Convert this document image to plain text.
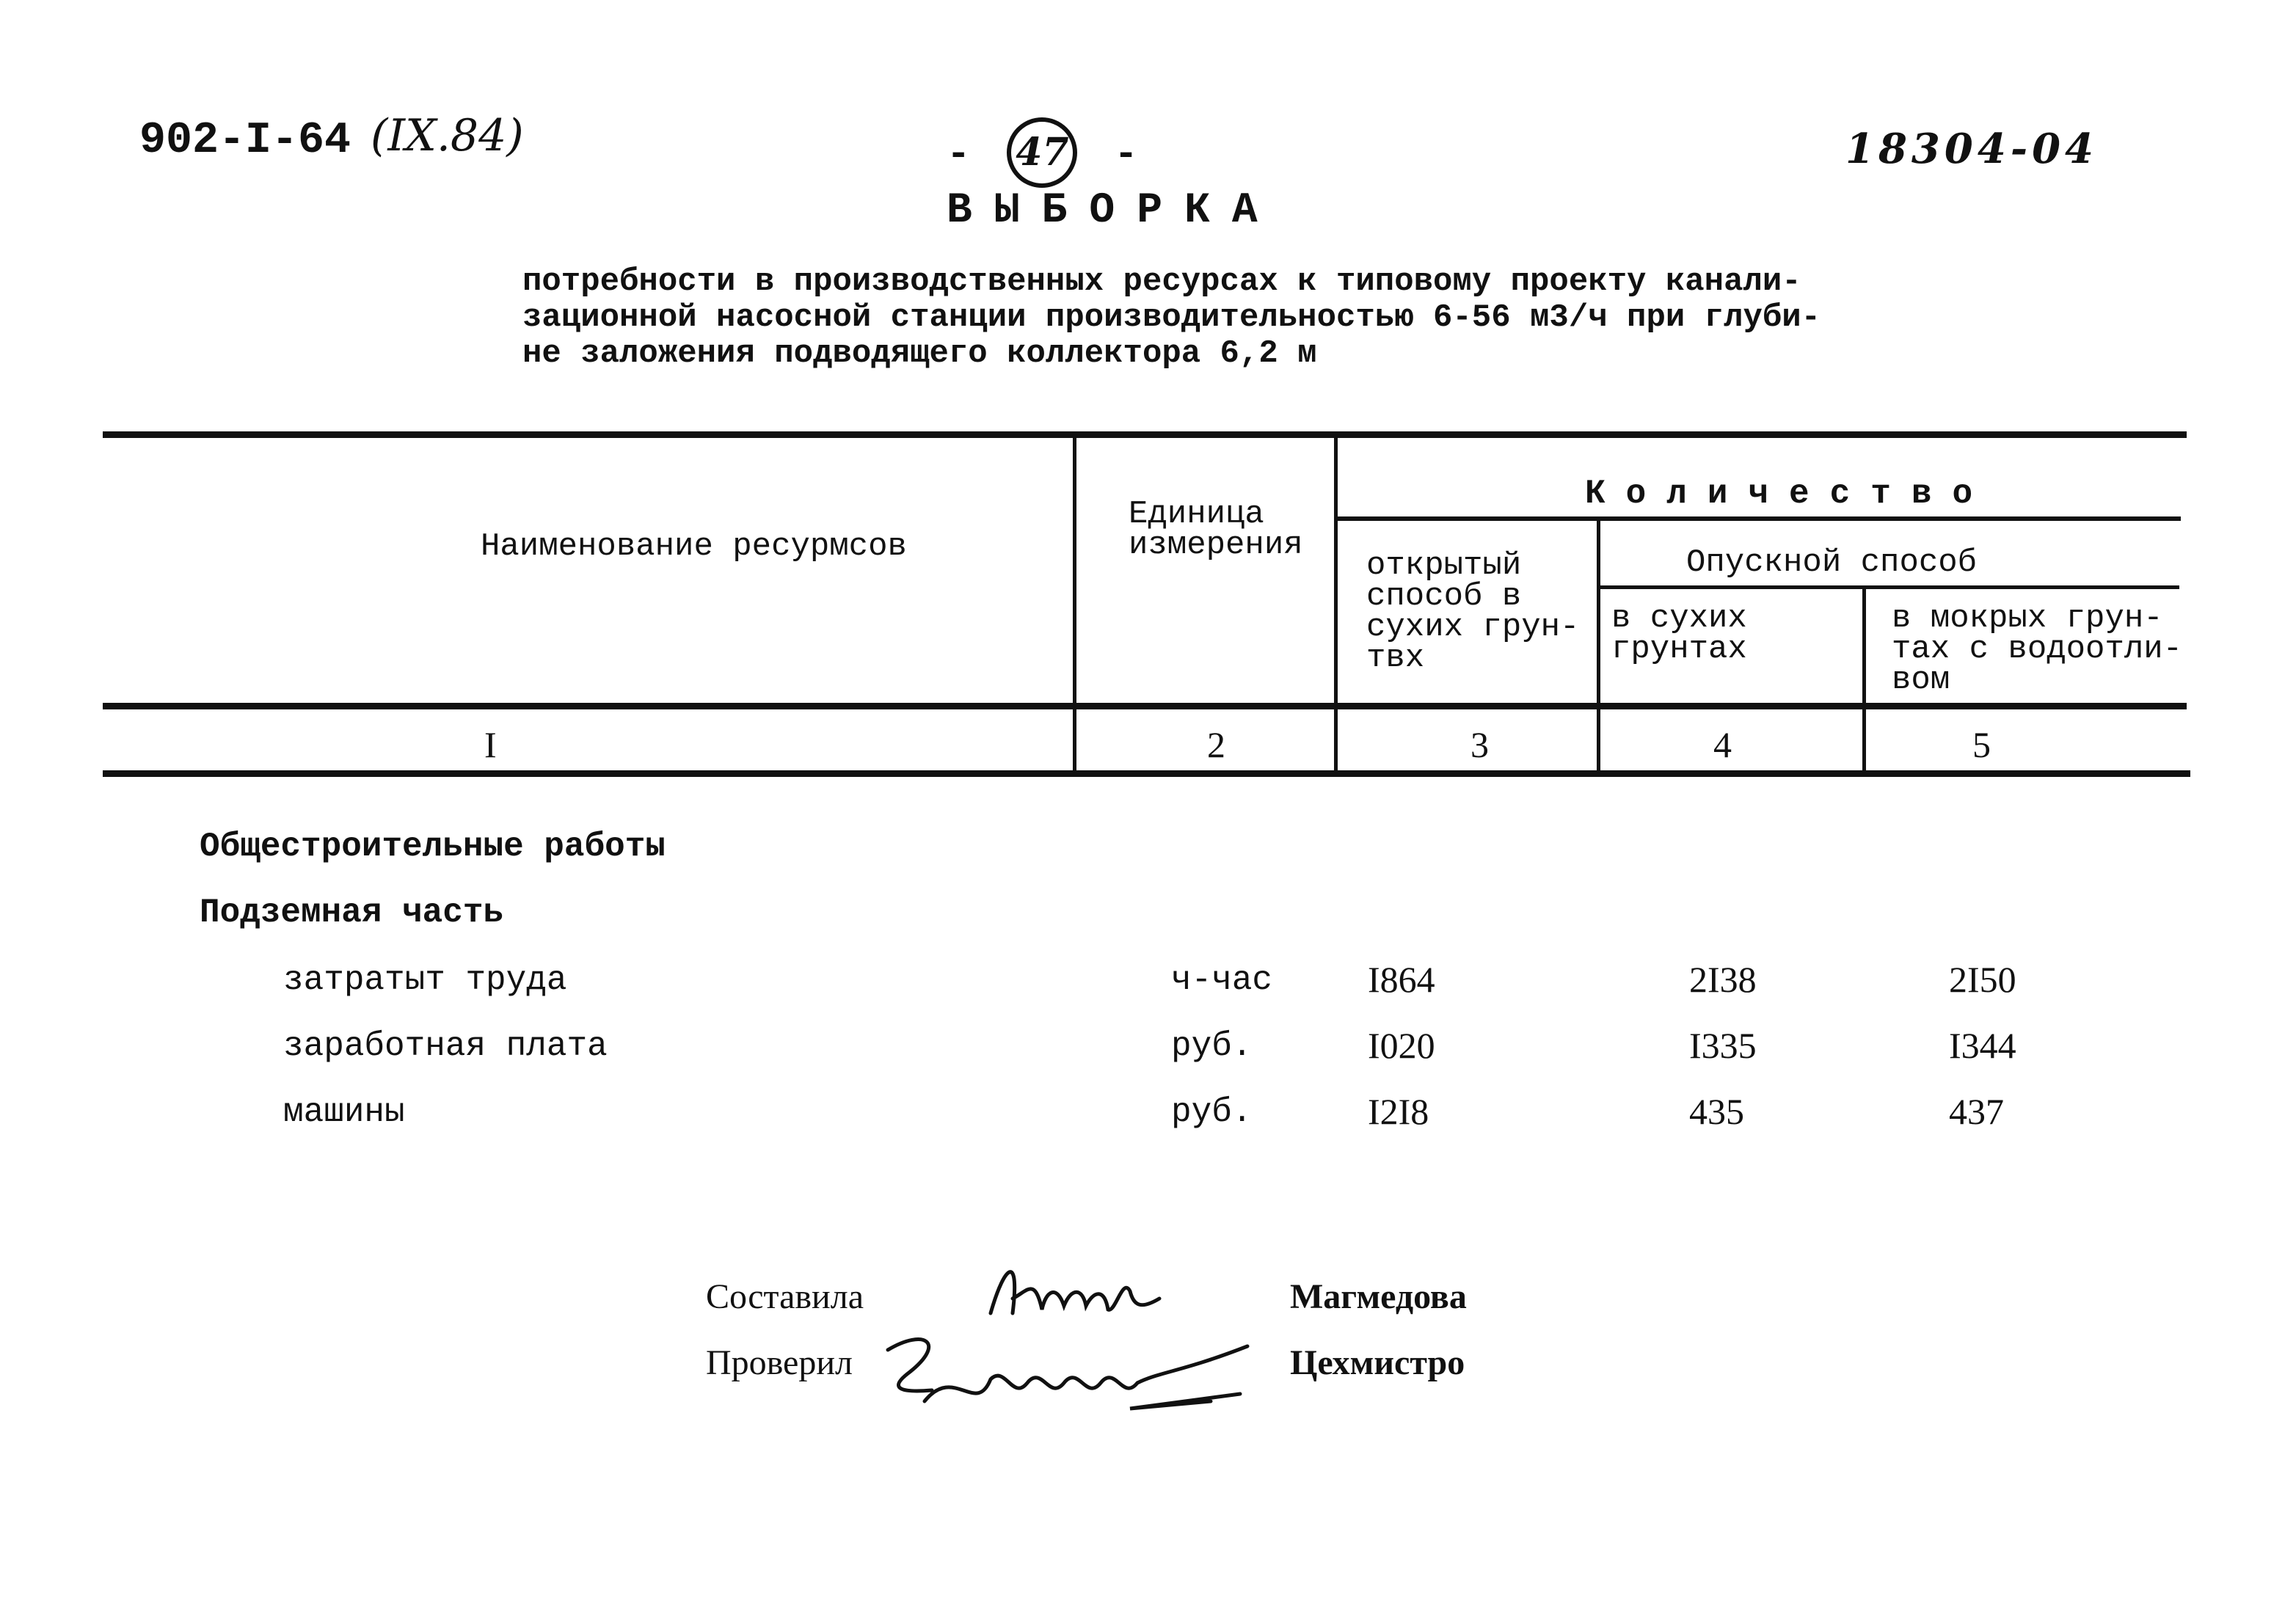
902-I-64 (IX.84)	- 47 -	18304-04
ВЫБОРКА
потребности в производственных ресурсах к типовому проекту канали-
зационной насосной станции производительностью 6-56 м3/ч при глуби-
не заложения подводящего коллектора 6,2 м
Наименование ресурмсов
Единица
измерения
Количество
открытый
способ в
сухих грун-
твх
Опускной способ
в сухих
грунтах
в мокрых грун-
тах с водоотли-
вом
I	2	3	4	5
Общестроительные работы
Подземная часть
затратыт труда	ч-час	I864	2I38	2I50
заработная плата	руб.	I020	I335	I344
машины	руб.	I2I8	435	437
Составила	Магмедова
Проверил	Цехмистро
